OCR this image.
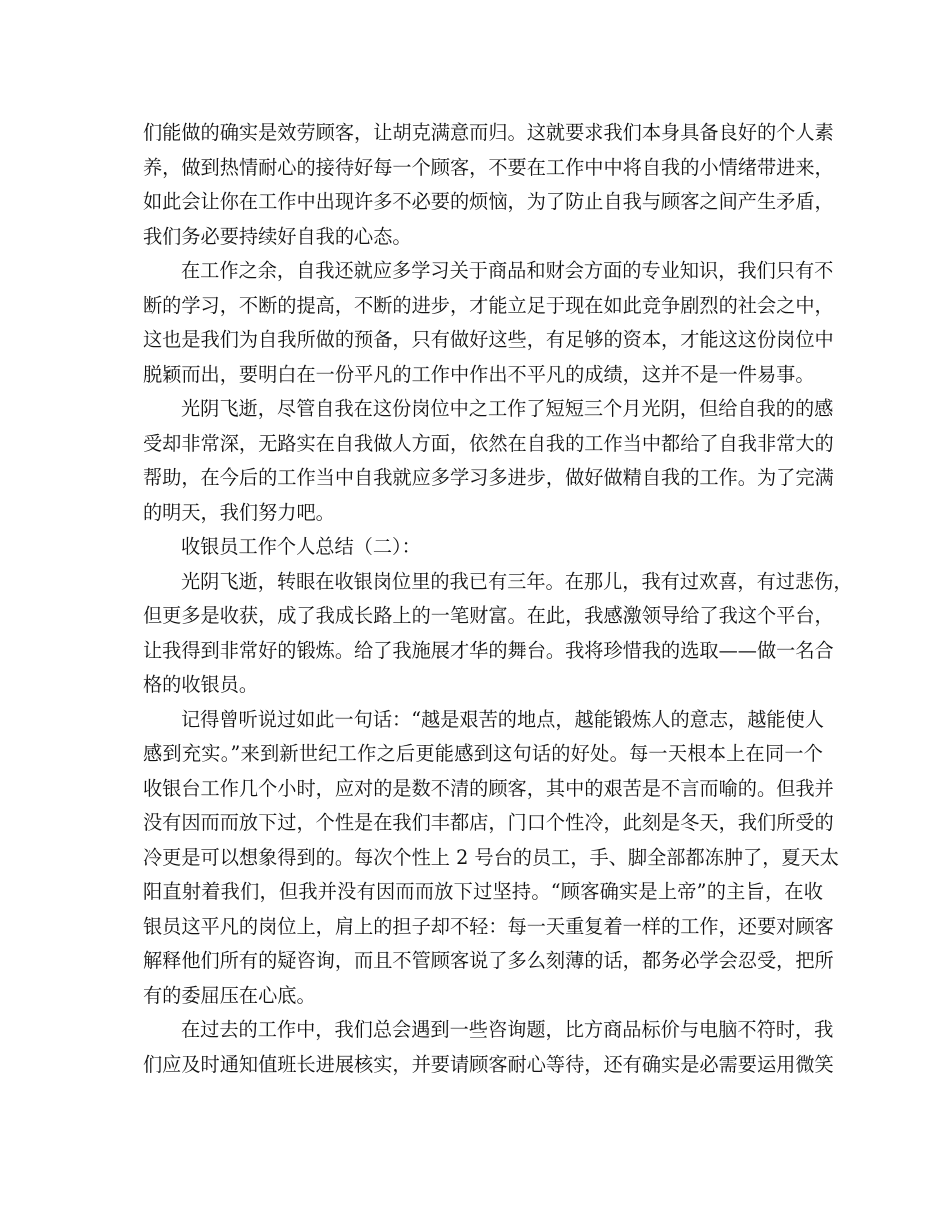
们能做的确实是效劳顾客，让胡克满意而归。这就要求我们本身具备良好的个人素
养，做到热情耐心的接待好每一个顾客，不要在工作中中将自我的小情绪带进来，
如此会让你在工作中出现许多不必要的烦恼，为了防止自我与顾客之间产生矛盾，
我们务必要持续好自我的心态。
在工作之余，自我还就应多学习关于商品和财会方面的专业知识，我们只有不
断的学习，不断的提高，不断的进步，才能立足于现在如此竞争剧烈的社会之中，
这也是我们为自我所做的预备，只有做好这些，有足够的资本，才能这这份岗位中
脱颖而出，要明白在一份平凡的工作中作出不平凡的成绩，这并不是一件易事。
光阴飞逝，尽管自我在这份岗位中之工作了短短三个月光阴，但给自我的的感
受却非常深，无路实在自我做人方面，依然在自我的工作当中都给了自我非常大的
帮助，在今后的工作当中自我就应多学习多进步，做好做精自我的工作。为了完满
的明天，我们努力吧。
收银员工作个人总结（二）：
光阴飞逝，转眼在收银岗位里的我已有三年。在那儿，我有过欢喜，有过悲伤，
但更多是收获，成了我成长路上的一笔财富。在此，我感激领导给了我这个平台，
让我得到非常好的锻炼。给了我施展才华的舞台。我将珍惜我的选取——做一名合
格的收银员。
记得曾听说过如此一句话：“越是艰苦的地点，越能锻炼人的意志，越能使人
感到充实。”来到新世纪工作之后更能感到这句话的好处。每一天根本上在同一个
收银台工作几个小时，应对的是数不清的顾客，其中的艰苦是不言而喻的。但我并
没有因而而放下过，个性是在我们丰都店，门口个性冷，此刻是冬天，我们所受的
冷更是可以想象得到的。每次个性上 2 号台的员工，手、脚全部都冻肿了，夏天太
阳直射着我们，但我并没有因而而放下过坚持。“顾客确实是上帝”的主旨，在收
银员这平凡的岗位上，肩上的担子却不轻：每一天重复着一样的工作，还要对顾客
解释他们所有的疑咨询，而且不管顾客说了多么刻薄的话，都务必学会忍受，把所
有的委屈压在心底。
在过去的工作中，我们总会遇到一些咨询题，比方商品标价与电脑不符时，我
们应及时通知值班长进展核实，并要请顾客耐心等待，还有确实是必需要运用微笑
